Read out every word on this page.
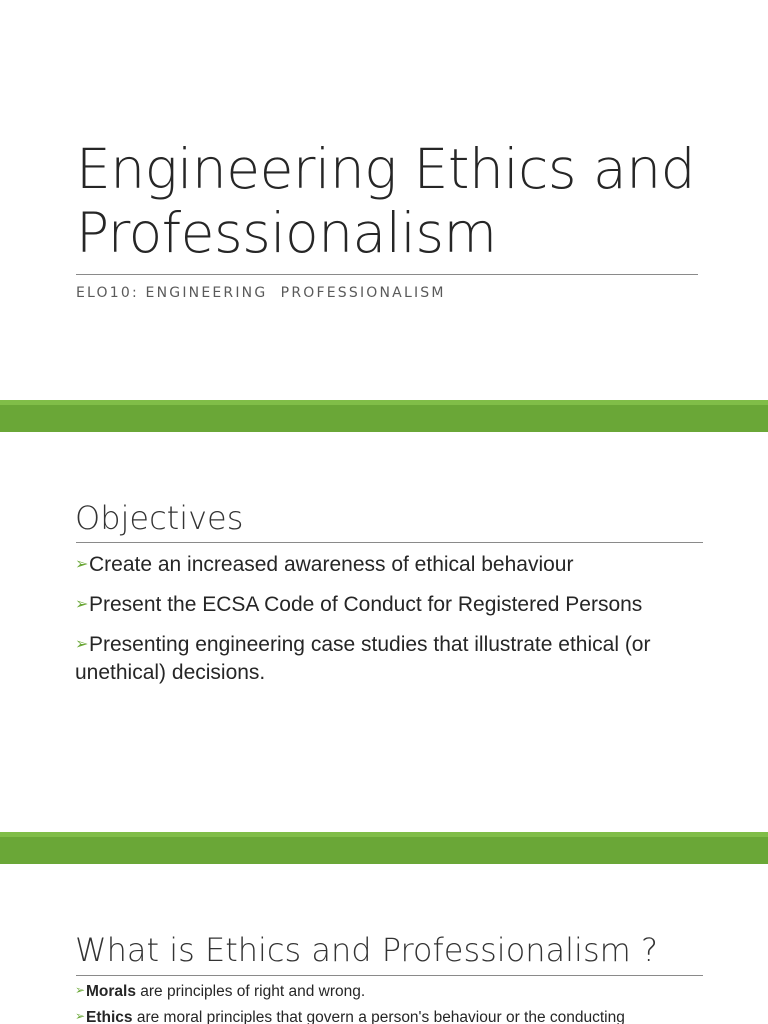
Engineering Ethics and
Professionalism

ELO10: ENGINEERING  PROFESSIONALISM

Objectives
➢Create an increased awareness of ethical behaviour
➢Present the ECSA Code of Conduct for Registered Persons
➢Presenting engineering case studies that illustrate ethical (or unethical) decisions.
What is Ethics and Professionalism ?
➢Morals are principles of right and wrong.
➢Ethics are moral principles that govern a person's behaviour or the conducting
